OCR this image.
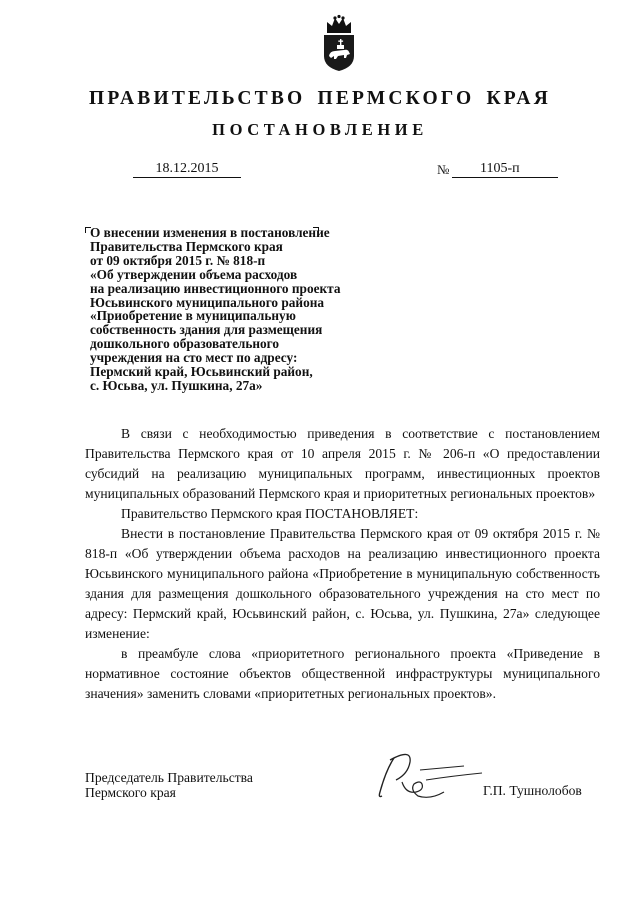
ПРАВИТЕЛЬСТВО ПЕРМСКОГО КРАЯ
ПОСТАНОВЛЕНИЕ
18.12.2015	№	1105-п
О внесении изменения в постановление
Правительства Пермского края
от 09 октября 2015 г. № 818-п
«Об утверждении объема расходов
на реализацию инвестиционного проекта
Юсьвинского муниципального района
«Приобретение в муниципальную
собственность здания для размещения
дошкольного образовательного
учреждения на сто мест по адресу:
Пермский край, Юсьвинский район,
с. Юсьва, ул. Пушкина, 27а»

В связи с необходимостью приведения в соответствие с постановлением Правительства Пермского края от 10 апреля 2015 г. № 206-п «О предоставлении субсидий на реализацию муниципальных программ, инвестиционных проектов муниципальных образований Пермского края и приоритетных региональных проектов»

Правительство Пермского края ПОСТАНОВЛЯЕТ:

Внести в постановление Правительства Пермского края от 09 октября 2015 г. № 818-п «Об утверждении объема расходов на реализацию инвестиционного проекта Юсьвинского муниципального района «Приобретение в муниципальную собственность здания для размещения дошкольного образовательного учреждения на сто мест по адресу: Пермский край, Юсьвинский район, с. Юсьва, ул. Пушкина, 27а» следующее изменение:

в преамбуле слова «приоритетного регионального проекта «Приведение в нормативное состояние объектов общественной инфраструктуры муниципального значения» заменить словами «приоритетных региональных проектов».

Председатель Правительства
Пермского края	Г.П. Тушнолобов
